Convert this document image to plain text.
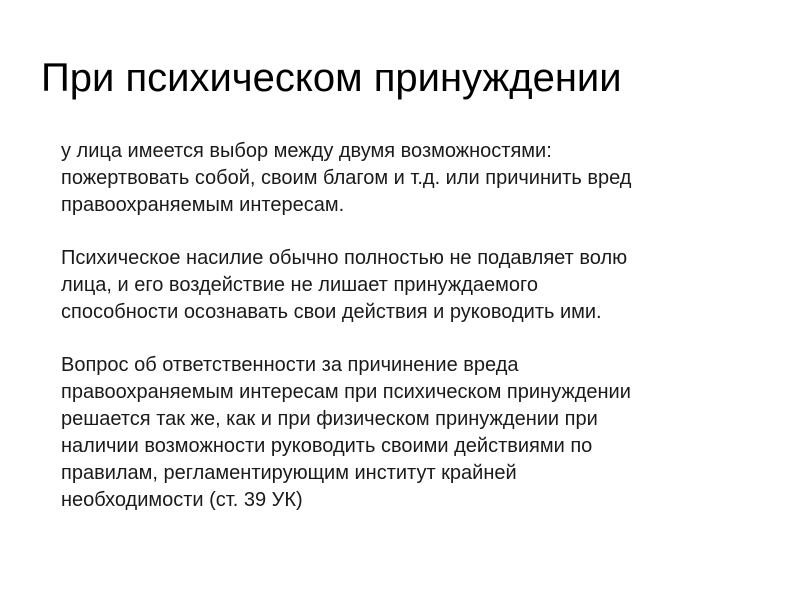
При психическом принуждении

у лица имеется выбор между двумя возможностями:
пожертвовать собой, своим благом и т.д. или причинить вред
правоохраняемым интересам.

Психическое насилие обычно полностью не подавляет волю
лица, и его воздействие не лишает принуждаемого
способности осознавать свои действия и руководить ими.

Вопрос об ответственности за причинение вреда
правоохраняемым интересам при психическом принуждении
решается так же, как и при физическом принуждении при
наличии возможности руководить своими действиями по
правилам, регламентирующим институт крайней
необходимости (ст. 39 УК)
